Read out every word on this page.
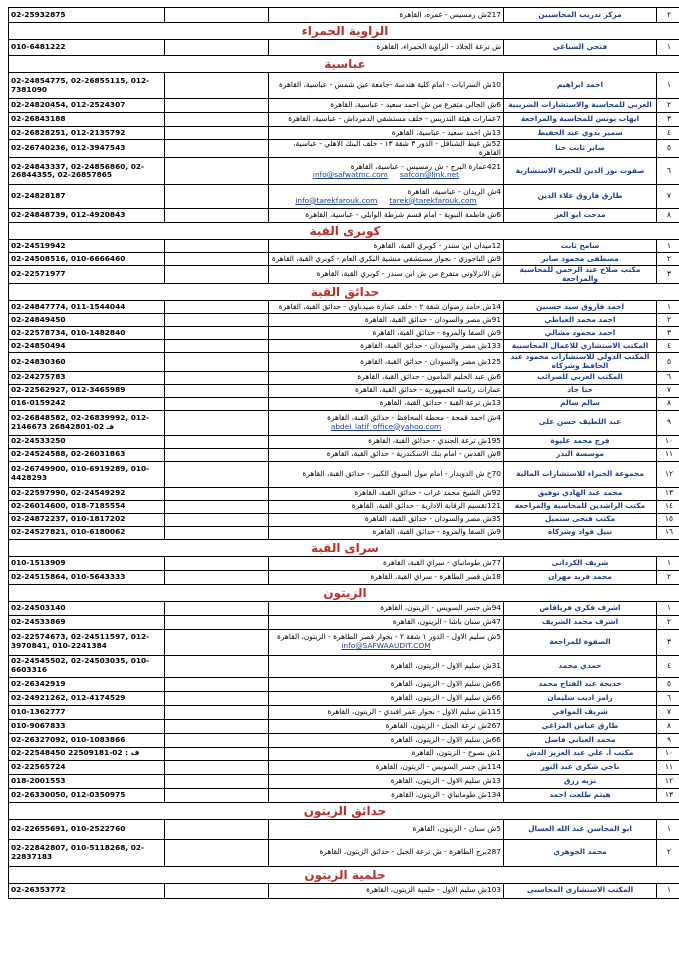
٢	مركز تدريب المحاسبين	217ش رمسيس - غمره، القاهرة		02-25932875
الزاوية الحمراء				
١	فتحي السباعي	ش ترعة الجلاد - الزاوية الحمراء، القاهرة		010-6481222
عباسية				
١	احمد ابراهيم	10ش السرايات - امام كلية هندسة -جامعة عين شمس - عباسية، القاهرة		02-24854775, 02-26855115, 012-7381090
٢	العربي للمحاسبة والاستشارات الضريبية	6ش الجالي متفرع من ش احمد سعيد - عباسية، القاهرة		02-24820454, 012-2524307
٣	ايهاب يونس للمحاسبة والمراجعة	7عمارات هيئة التدريس - خلف مستشفي الدمرداش - عباسية، القاهرة		02-26843188
٤	سمير بدوي عبد الحفيظ	13ش احمد سعيد - عباسية، القاهرة		02-26828251, 012-2135792
٥	صابر ثابت حنا	52ش غيط الشناقل - الدور ٣ شقة ١٣ - خلف البنك الاهلي - عباسية، القاهرة		02-26740236, 012-3947543
٦	صفوت نور الدين للخبرة الاستشارية	421عمارة البرج - ش رمسيس - عباسية، القاهرة
safcon@link.netinfo@safwatmc.com		02-24843337, 02-24856860, 02-26844355, 02-26857865
٧	طارق فاروق علاء الدين	4ش الريدان - عباسية، القاهرة
tarek@tarekfarouk.cominfo@tarekfarouk.com		02-24828187
٨	مدحت ابو العز	6ش فاطمة النبوية - امام قسم شرطة الوايلي - عباسية، القاهرة		02-24848739, 012-4920843
كوبرى القبة				
١	سامح ثابت	12ميدان ابن سندر - كوبري القبة، القاهرة		02-24519942
٢	مصطفى محمود صابر	9ش الباجوري - بجوار مستشفي منشية البكري العام - كوبري القبة، القاهرة		02-24508516, 010-6666460
٣	مكتب صلاح عبد الرحمن للمحاسبة والمراجعة	ش الانزلاوني متفرع من ش ابن سندر - كوبري القبة، القاهرة		02-22571977
حدائق القبة				
١	احمد فاروق سيد حسنين	14ش حامد رضوان شقة ٢ - خلف عمارة صيدناوي - حدائق القبة، القاهرة		02-24847774, 011-1544044
٢	احمد محمد العياطي	91ش مصر والسودان - حدائق القبة، القاهرة		02-24849450
٣	احمد محمود مشالي	9ش الصفا والمروة - حدائق القبة، القاهرة		02-22578734, 010-1482840
٤	المكتب الاستشاري للاعمال المحاسبية	133ش مصر والسودان - حدائق القبة، القاهرة		02-24850494
٥	المكتب الدولي للاستشارات محمود عبد الحافظ وشركاه	125ش مصر والسودان - حدائق القبة، القاهرة		02-24830360
٦	المكتب العربي للضرائب	6ش عبد الحليم المأمون - حدائق القبة، القاهرة		02-24275783
٧	حنا جاد	عمارات رئاسة الجمهورية - حدائق القبة، القاهرة		02-22562927, 012-3465989
٨	سالم سالم	13ش ترعة القبة - حدائق القبة، القاهرة		016-0159242
٩	عبد اللطيف حسن على	4ش احمد قمحة - محطة المحافظ - حدائق القبة، القاهرة
abdel_latif_office@yahoo.com		02-26848582, 02-26839992, 012-2146673 فـ 02-26842801
١٠	فرج محمد عليوة	195ش ترعة الجندي - حدائق القبة، القاهرة		02-24533250
١١	موسسة البدر	8ش القدس - امام بنك الاسكندرية - حدائق القبة، القاهرة		02-24524588, 02-26031863
١٢	مجموعة الخبراء للاستشارات المالية	70ح ش الدويدار - امام مول السوق الكبير - حدائق القبة، القاهرة		02-26749900, 010-6919289, 010-4428293
١٣	محمد عبد الهادي توفيق	92ش الشيخ محمد غراب - حدائق القبة، القاهرة		02-22597990, 02-24549292
١٤	مكتب الراشدين للمحاسبة والمراجعة	121تقسيم الرقابة الادارية - حدائق القبة، القاهرة		02-26014600, 018-7185554
١٥	مكتب فتحى سنميل	35ش مصر والسودان - حدائق القبة، القاهرة		02-24872237, 010-1817202
١٦	نبيل فواد وشركاه	9ش الصفا والمروة - حدائق القبة، القاهرة		02-24527821, 010-6180062
سراى القبة				
١	شريف الكردانى	77ش طومانباي - سراي القبة، القاهرة		010-1513909
٢	محمد فريد مهران	18ش قصر الطاهرة - سراي القبة، القاهرة		02-24515864, 010-5643333
الزيتون				
١	اشرف فكري فرياقاص	94ش جسر السويس - الزيتون، القاهرة		02-24503140
٢	اشرف محمد الشريف	47ش سنان باشا - الزيتون، القاهرة		02-24533869
٣	الصفوة للمراجعة	5ش سليم الاول - الدور ١ شقة ٢ - بجوار قصر الطاهرة - الزيتون، القاهرة
info@SAFWAAUDIT.COM		02-22574673, 02-24511597, 012-3970841, 010-2241384
٤	حمدي محمد	31ش سليم الاول - الزيتون، القاهرة		02-24545502, 02-24503035, 010-6603316
٥	خديجة عبد الفتاح محمد	66ش سليم الاول - الزيتون، القاهرة		02-26342919
٦	رامز اديب سليمان	66ش سليم الاول - الزيتون، القاهرة		02-24921262, 012-4174529
٧	شريف الموافي	115ش سليم الاول - بجوار عمر افندي - الزيتون، القاهرة		010-1362777
٨	طارق عباس المراغي	267ش ترعة الجبل - الزيتون، القاهرة		010-9067833
٩	محمد العناني فاضل	66ش سليم الاول - الزيتون، القاهرة		02-26327092, 010-1083866
١٠	مكتب أ. علي عبد العزيز الدش	1ش نصوح - الزيتون، القاهرة		02-22548450 ف : 02-22509181
١١	ناجي شكري عبد النور	114ش جسر السويس - الزيتون، القاهرة		02-22565724
١٢	نزيه رزق	13ش سليم الاول - الزيتون، القاهرة		018-2001553
١٣	هيثم طلعت احمد	134ش طومانباي - الزيتون، القاهرة		02-26330050, 012-0350975
حدائق الزيتون				
١	ابو المحاسن عبد الله العسال	5ش سنان - الزيتون، القاهرة		02-22655691, 010-2522760
٢	محمد الجوهري	287برج الطاهرة - ش ترعة الجبل - حدائق الزيتون، القاهرة		02-22842807, 010-5118268, 02-22837183
حلمية الزيتون				
١	المكتب الاستشارى المحاسبى	103ش سليم الاول - حلمية الزيتون، القاهرة		02-26353772
